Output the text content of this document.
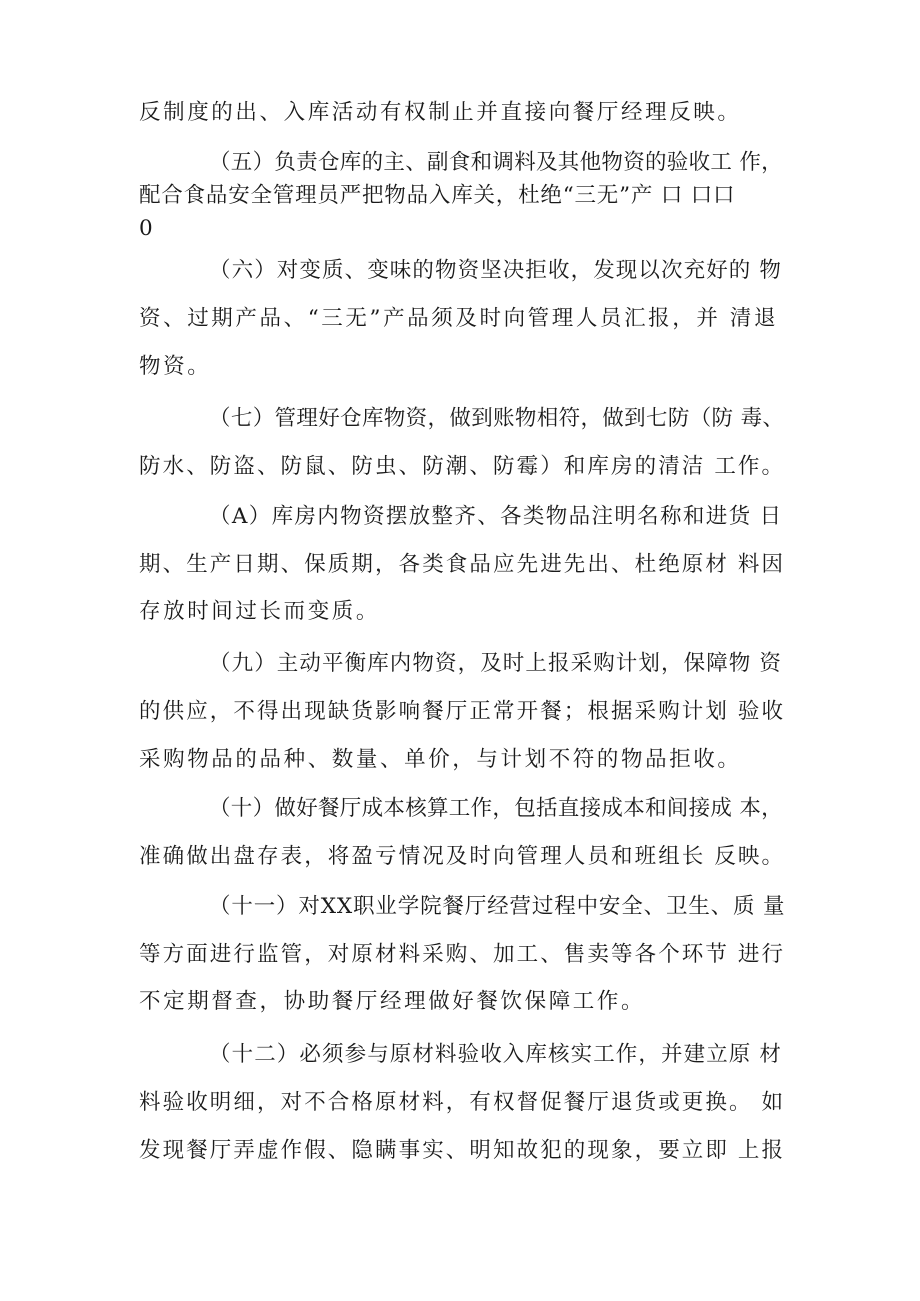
反制度的出、入库活动有权制止并直接向餐厅经理反映。
（五）负责仓库的主、副食和调料及其他物资的验收工 作，
配合食品安全管理员严把物品入库关，杜绝“三无”产 口 口口
0
（六）对变质、变味的物资坚决拒收，发现以次充好的 物
资、过期产品、“三无”产品须及时向管理人员汇报，并 清退
物资。
（七）管理好仓库物资，做到账物相符，做到七防（防 毒、
防水、防盗、防鼠、防虫、防潮、防霉）和库房的清洁 工作。
（A）库房内物资摆放整齐、各类物品注明名称和进货 日
期、生产日期、保质期，各类食品应先进先出、杜绝原材 料因
存放时间过长而变质。
（九）主动平衡库内物资，及时上报采购计划，保障物 资
的供应，不得出现缺货影响餐厅正常开餐；根据采购计划 验收
采购物品的品种、数量、单价，与计划不符的物品拒收。
（十）做好餐厅成本核算工作，包括直接成本和间接成 本，
准确做出盘存表，将盈亏情况及时向管理人员和班组长 反映。
（十一）对XX职业学院餐厅经营过程中安全、卫生、质 量
等方面进行监管，对原材料采购、加工、售卖等各个环节 进行
不定期督查，协助餐厅经理做好餐饮保障工作。
（十二）必须参与原材料验收入库核实工作，并建立原 材
料验收明细，对不合格原材料，有权督促餐厅退货或更换。 如
发现餐厅弄虚作假、隐瞒事实、明知故犯的现象，要立即 上报
